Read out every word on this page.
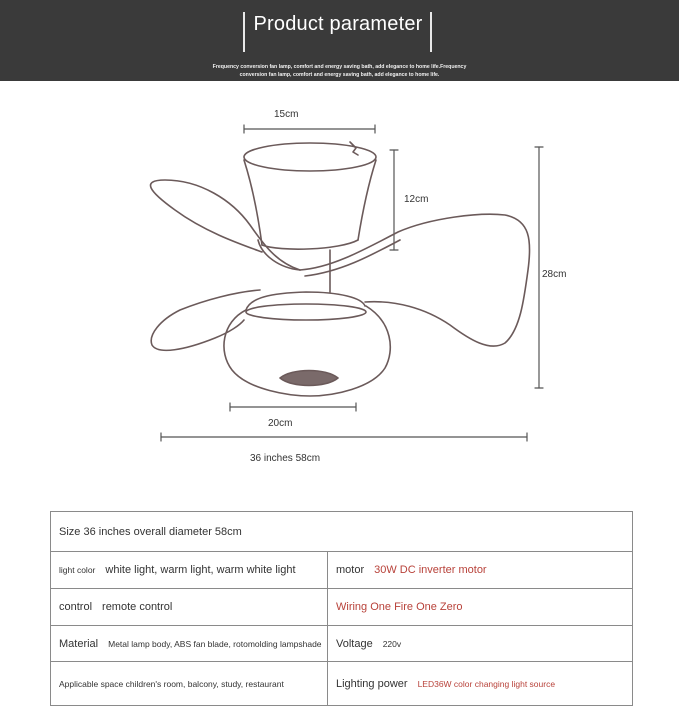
Product parameter
Frequency conversion fan lamp, comfort and energy saving bath, add elegance to home life.Frequency
conversion fan lamp, comfort and energy saving bath, add elegance to home life.
15cm
12cm
28cm
20cm
36 inches 58cm
Size 36 inches overall diameter 58cm	
light color white light, warm light, warm white light	motor 30W DC inverter motor
control remote control	Wiring One Fire One Zero
Material Metal lamp body, ABS fan blade, rotomolding lampshade	Voltage 220v
Applicable space children's room, balcony, study, restaurant	Lighting power LED36W color changing light source
